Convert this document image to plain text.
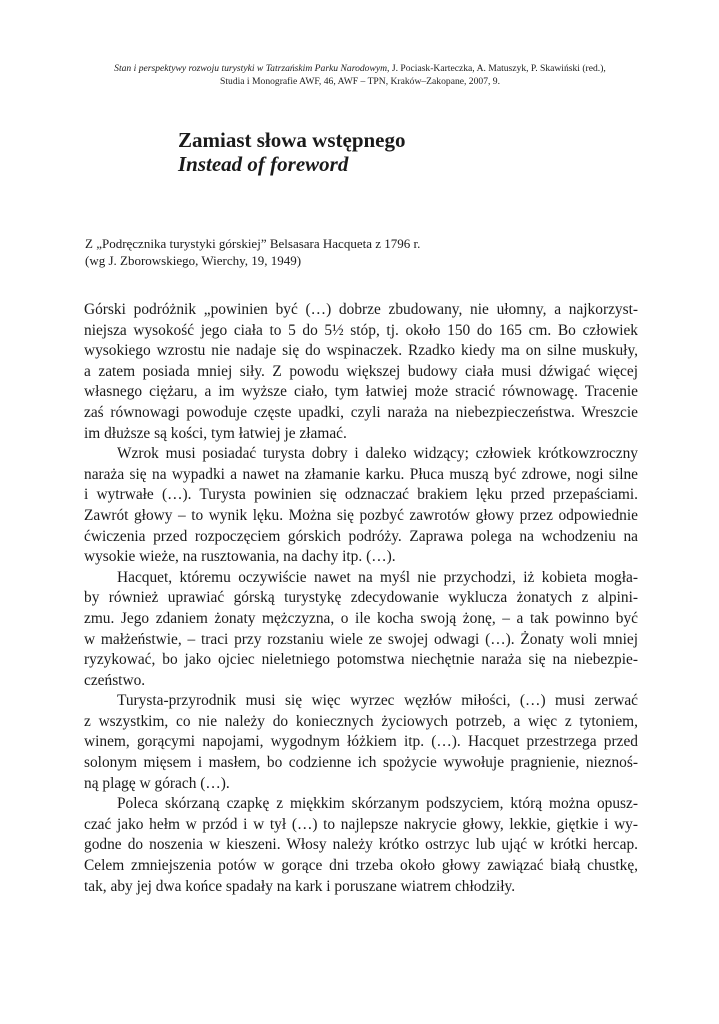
Stan i perspektywy rozwoju turystyki w Tatrzańskim Parku Narodowym, J. Pociask-Karteczka, A. Matuszyk, P. Skawiński (red.),
Studia i Monografie AWF, 46, AWF – TPN, Kraków–Zakopane, 2007, 9.
Zamiast słowa wstępnego
Instead of foreword
Z „Podręcznika turystyki górskiej” Belsasara Hacqueta z 1796 r.
(wg J. Zborowskiego, Wierchy, 19, 1949)

Górski podróżnik „powinien być (…) dobrze zbudowany, nie ułomny, a najkorzyst-
niejsza wysokość jego ciała to 5 do 5½ stóp, tj. około 150 do 165 cm. Bo człowiek
wysokiego wzrostu nie nadaje się do wspinaczek. Rzadko kiedy ma on silne muskuły,
a zatem posiada mniej siły. Z powodu większej budowy ciała musi dźwigać więcej
własnego ciężaru, a im wyższe ciało, tym łatwiej może stracić równowagę. Tracenie
zaś równowagi powoduje częste upadki, czyli naraża na niebezpieczeństwa. Wreszcie
im dłuższe są kości, tym łatwiej je złamać.

Wzrok musi posiadać turysta dobry i daleko widzący; człowiek krótkowzroczny
naraża się na wypadki a nawet na złamanie karku. Płuca muszą być zdrowe, nogi silne
i wytrwałe (…). Turysta powinien się odznaczać brakiem lęku przed przepaściami.
Zawrót głowy – to wynik lęku. Można się pozbyć zawrotów głowy przez odpowiednie
ćwiczenia przed rozpoczęciem górskich podróży. Zaprawa polega na wchodzeniu na
wysokie wieże, na rusztowania, na dachy itp. (…).

Hacquet, któremu oczywiście nawet na myśl nie przychodzi, iż kobieta mogła-
by również uprawiać górską turystykę zdecydowanie wyklucza żonatych z alpini-
zmu. Jego zdaniem żonaty mężczyzna, o ile kocha swoją żonę, – a tak powinno być
w małżeństwie, – traci przy rozstaniu wiele ze swojej odwagi (…). Żonaty woli mniej
ryzykować, bo jako ojciec nieletniego potomstwa niechętnie naraża się na niebezpie-
czeństwo.

Turysta-przyrodnik musi się więc wyrzec węzłów miłości, (…) musi zerwać
z wszystkim, co nie należy do koniecznych życiowych potrzeb, a więc z tytoniem,
winem, gorącymi napojami, wygodnym łóżkiem itp. (…). Hacquet przestrzega przed
solonym mięsem i masłem, bo codzienne ich spożycie wywołuje pragnienie, nieznoś-
ną plagę w górach (…).

Poleca skórzaną czapkę z miękkim skórzanym podszyciem, którą można opusz-
czać jako hełm w przód i w tył (…) to najlepsze nakrycie głowy, lekkie, giętkie i wy-
godne do noszenia w kieszeni. Włosy należy krótko ostrzyc lub ująć w krótki hercap.
Celem zmniejszenia potów w gorące dni trzeba około głowy zawiązać białą chustkę,
tak, aby jej dwa końce spadały na kark i poruszane wiatrem chłodziły.
